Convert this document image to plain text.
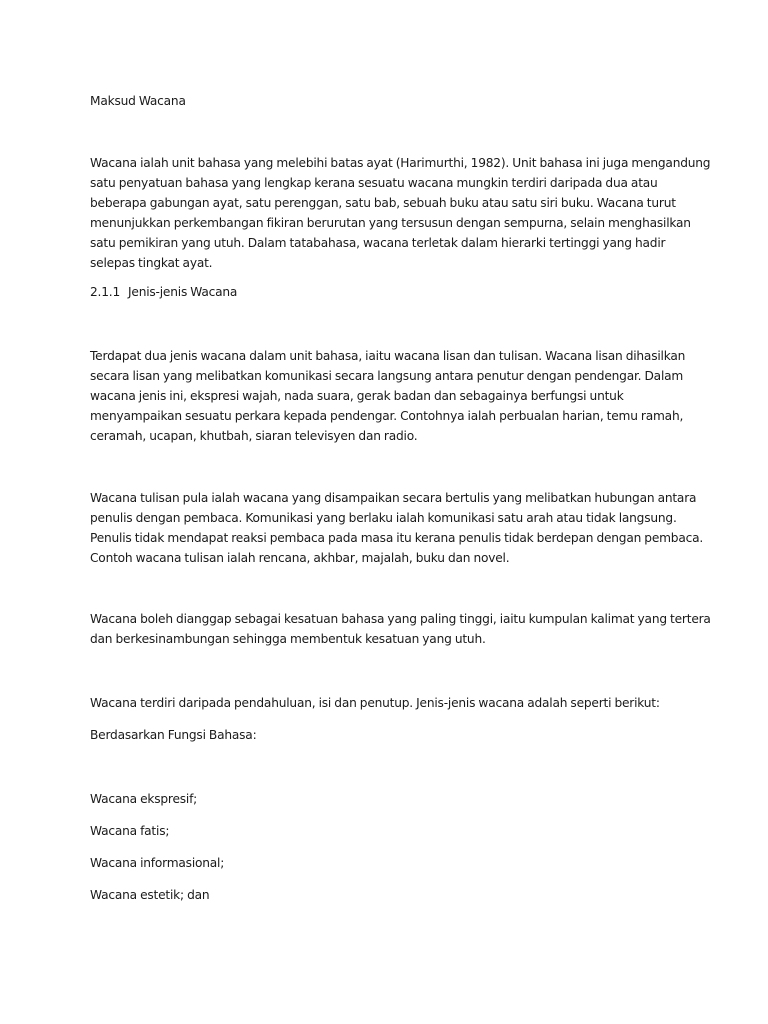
Maksud Wacana

Wacana ialah unit bahasa yang melebihi batas ayat (Harimurthi, 1982). Unit bahasa ini juga mengandung
satu penyatuan bahasa yang lengkap kerana sesuatu wacana mungkin terdiri daripada dua atau
beberapa gabungan ayat, satu perenggan, satu bab, sebuah buku atau satu siri buku. Wacana turut
menunjukkan perkembangan fikiran berurutan yang tersusun dengan sempurna, selain menghasilkan
satu pemikiran yang utuh. Dalam tatabahasa, wacana terletak dalam hierarki tertinggi yang hadir
selepas tingkat ayat.

2.1.1 Jenis-jenis Wacana

Terdapat dua jenis wacana dalam unit bahasa, iaitu wacana lisan dan tulisan. Wacana lisan dihasilkan
secara lisan yang melibatkan komunikasi secara langsung antara penutur dengan pendengar. Dalam
wacana jenis ini, ekspresi wajah, nada suara, gerak badan dan sebagainya berfungsi untuk
menyampaikan sesuatu perkara kepada pendengar. Contohnya ialah perbualan harian, temu ramah,
ceramah, ucapan, khutbah, siaran televisyen dan radio.

Wacana tulisan pula ialah wacana yang disampaikan secara bertulis yang melibatkan hubungan antara
penulis dengan pembaca. Komunikasi yang berlaku ialah komunikasi satu arah atau tidak langsung.
Penulis tidak mendapat reaksi pembaca pada masa itu kerana penulis tidak berdepan dengan pembaca.
Contoh wacana tulisan ialah rencana, akhbar, majalah, buku dan novel.

Wacana boleh dianggap sebagai kesatuan bahasa yang paling tinggi, iaitu kumpulan kalimat yang tertera
dan berkesinambungan sehingga membentuk kesatuan yang utuh.

Wacana terdiri daripada pendahuluan, isi dan penutup. Jenis-jenis wacana adalah seperti berikut:

Berdasarkan Fungsi Bahasa:

Wacana ekspresif;

Wacana fatis;

Wacana informasional;

Wacana estetik; dan
